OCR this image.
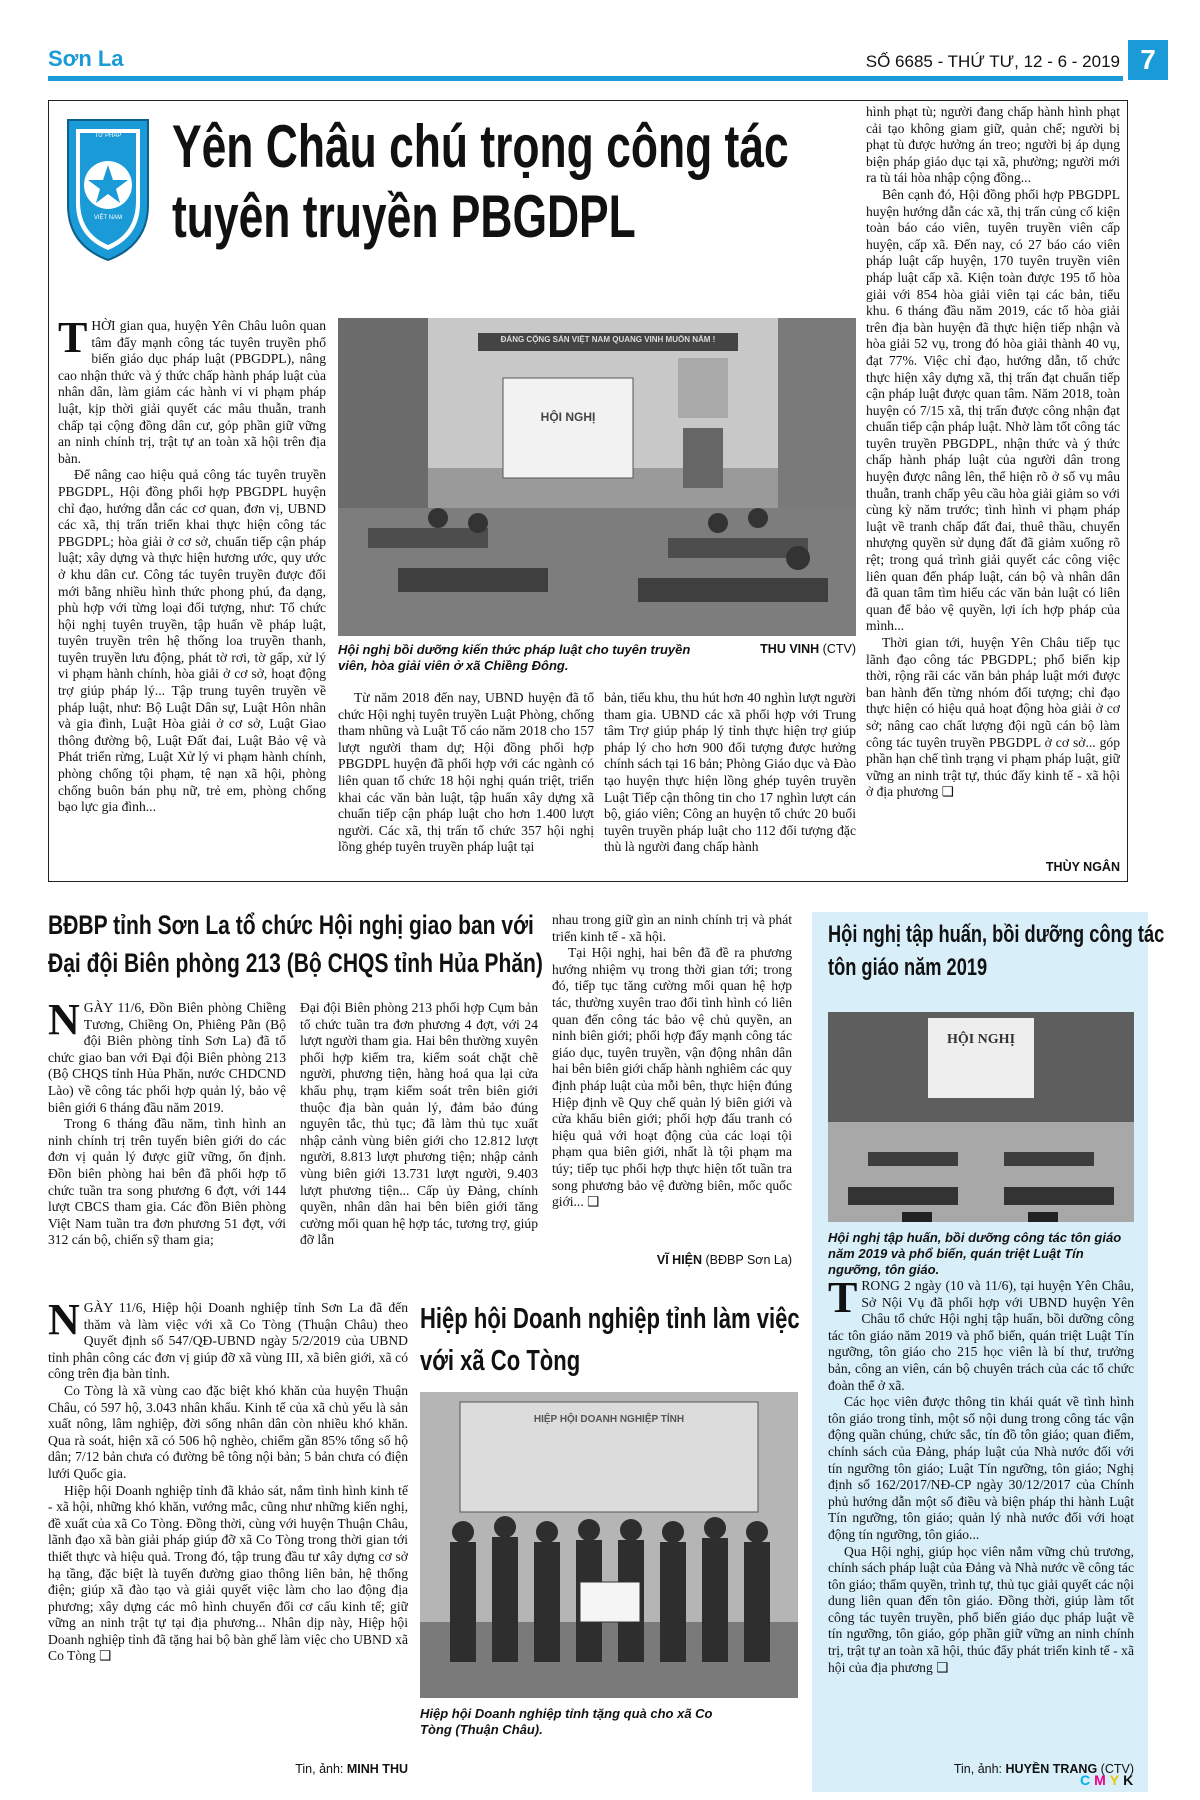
Sơn La	SỐ 6685 - THỨ TƯ, 12 - 6 - 2019 7
TƯ PHÁP
VIỆT NAM
Yên Châu chú trọng công tác
tuyên truyền PBGDPL

THỜI gian qua, huyện Yên Châu luôn quan tâm đẩy mạnh công tác tuyên truyền phổ biến giáo dục pháp luật (PBGDPL), nâng cao nhận thức và ý thức chấp hành pháp luật của nhân dân, làm giảm các hành vi vi phạm pháp luật, kịp thời giải quyết các mâu thuẫn, tranh chấp tại cộng đồng dân cư, góp phần giữ vững an ninh chính trị, trật tự an toàn xã hội trên địa bàn.

Để nâng cao hiệu quả công tác tuyên truyền PBGDPL, Hội đồng phối hợp PBGDPL huyện chỉ đạo, hướng dẫn các cơ quan, đơn vị, UBND các xã, thị trấn triển khai thực hiện công tác PBGDPL; hòa giải ở cơ sở, chuẩn tiếp cận pháp luật; xây dựng và thực hiện hương ước, quy ước ở khu dân cư. Công tác tuyên truyền được đổi mới bằng nhiều hình thức phong phú, đa dạng, phù hợp với từng loại đối tượng, như: Tổ chức hội nghị tuyên truyền, tập huấn về pháp luật, tuyên truyền trên hệ thống loa truyền thanh, tuyên truyền lưu động, phát tờ rơi, tờ gấp, xử lý vi phạm hành chính, hòa giải ở cơ sở, hoạt động trợ giúp pháp lý... Tập trung tuyên truyền về pháp luật, như: Bộ Luật Dân sự, Luật Hôn nhân và gia đình, Luật Hòa giải ở cơ sở, Luật Giao thông đường bộ, Luật Đất đai, Luật Bảo vệ và Phát triển rừng, Luật Xử lý vi phạm hành chính, phòng chống tội phạm, tệ nạn xã hội, phòng chống buôn bán phụ nữ, trẻ em, phòng chống bạo lực gia đình...

ĐẢNG CỘNG SẢN VIỆT NAM QUANG VINH MUÔN NĂM !
HỘI NGHỊ
Hội nghị bồi dưỡng kiến thức pháp luật cho tuyên truyền viên, hòa giải viên ở xã Chiềng Đông.
THU VINH (CTV)

Từ năm 2018 đến nay, UBND huyện đã tổ chức Hội nghị tuyên truyền Luật Phòng, chống tham nhũng và Luật Tố cáo năm 2018 cho 157 lượt người tham dự; Hội đồng phối hợp PBGDPL huyện đã phối hợp với các ngành có liên quan tổ chức 18 hội nghị quán triệt, triển khai các văn bản luật, tập huấn xây dựng xã chuẩn tiếp cận pháp luật cho hơn 1.400 lượt người. Các xã, thị trấn tổ chức 357 hội nghị lồng ghép tuyên truyền pháp luật tại

bản, tiểu khu, thu hút hơn 40 nghìn lượt người tham gia. UBND các xã phối hợp với Trung tâm Trợ giúp pháp lý tỉnh thực hiện trợ giúp pháp lý cho hơn 900 đối tượng được hưởng chính sách tại 16 bản; Phòng Giáo dục và Đào tạo huyện thực hiện lồng ghép tuyên truyền Luật Tiếp cận thông tin cho 17 nghìn lượt cán bộ, giáo viên; Công an huyện tổ chức 20 buổi tuyên truyền pháp luật cho 112 đối tượng đặc thù là người đang chấp hành

hình phạt tù; người đang chấp hành hình phạt cải tạo không giam giữ, quản chế; người bị phạt tù được hưởng án treo; người bị áp dụng biện pháp giáo dục tại xã, phường; người mới ra tù tái hòa nhập cộng đồng...

Bên cạnh đó, Hội đồng phối hợp PBGDPL huyện hướng dẫn các xã, thị trấn củng cố kiện toàn báo cáo viên, tuyên truyền viên cấp huyện, cấp xã. Đến nay, có 27 báo cáo viên pháp luật cấp huyện, 170 tuyên truyền viên pháp luật cấp xã. Kiện toàn được 195 tổ hòa giải với 854 hòa giải viên tại các bản, tiểu khu. 6 tháng đầu năm 2019, các tổ hòa giải trên địa bàn huyện đã thực hiện tiếp nhận và hòa giải 52 vụ, trong đó hòa giải thành 40 vụ, đạt 77%. Việc chỉ đạo, hướng dẫn, tổ chức thực hiện xây dựng xã, thị trấn đạt chuẩn tiếp cận pháp luật được quan tâm. Năm 2018, toàn huyện có 7/15 xã, thị trấn được công nhận đạt chuẩn tiếp cận pháp luật. Nhờ làm tốt công tác tuyên truyền PBGDPL, nhận thức và ý thức chấp hành pháp luật của người dân trong huyện được nâng lên, thể hiện rõ ở số vụ mâu thuẫn, tranh chấp yêu cầu hòa giải giảm so với cùng kỳ năm trước; tình hình vi phạm pháp luật về tranh chấp đất đai, thuê thầu, chuyển nhượng quyền sử dụng đất đã giảm xuống rõ rệt; trong quá trình giải quyết các công việc liên quan đến pháp luật, cán bộ và nhân dân đã quan tâm tìm hiểu các văn bản luật có liên quan để bảo vệ quyền, lợi ích hợp pháp của mình...

Thời gian tới, huyện Yên Châu tiếp tục lãnh đạo công tác PBGDPL; phổ biến kịp thời, rộng rãi các văn bản pháp luật mới được ban hành đến từng nhóm đối tượng; chỉ đạo thực hiện có hiệu quả hoạt động hòa giải ở cơ sở; nâng cao chất lượng đội ngũ cán bộ làm công tác tuyên truyền PBGDPL ở cơ sở... góp phần hạn chế tình trạng vi phạm pháp luật, giữ vững an ninh trật tự, thúc đẩy kinh tế - xã hội ở địa phương ❑

THÙY NGÂN
BĐBP tỉnh Sơn La tổ chức Hội nghị giao ban với
Đại đội Biên phòng 213 (Bộ CHQS tỉnh Hủa Phăn)

NGÀY 11/6, Đồn Biên phòng Chiềng Tương, Chiềng On, Phiêng Pằn (Bộ đội Biên phòng tỉnh Sơn La) đã tổ chức giao ban với Đại đội Biên phòng 213 (Bộ CHQS tỉnh Hủa Phăn, nước CHDCND Lào) về công tác phối hợp quản lý, bảo vệ biên giới 6 tháng đầu năm 2019.

Trong 6 tháng đầu năm, tình hình an ninh chính trị trên tuyến biên giới do các đơn vị quản lý được giữ vững, ổn định. Đồn biên phòng hai bên đã phối hợp tổ chức tuần tra song phương 6 đợt, với 144 lượt CBCS tham gia. Các đồn Biên phòng Việt Nam tuần tra đơn phương 51 đợt, với 312 cán bộ, chiến sỹ tham gia;

Đại đội Biên phòng 213 phối hợp Cụm bản tổ chức tuần tra đơn phương 4 đợt, với 24 lượt người tham gia. Hai bên thường xuyên phối hợp kiểm tra, kiểm soát chặt chẽ người, phương tiện, hàng hoá qua lại cửa khẩu phụ, trạm kiểm soát trên biên giới thuộc địa bàn quản lý, đảm bảo đúng nguyên tắc, thủ tục; đã làm thủ tục xuất nhập cảnh vùng biên giới cho 12.812 lượt người, 8.813 lượt phương tiện; nhập cảnh vùng biên giới 13.731 lượt người, 9.403 lượt phương tiện... Cấp ủy Đảng, chính quyền, nhân dân hai bên biên giới tăng cường mối quan hệ hợp tác, tương trợ, giúp đỡ lẫn

nhau trong giữ gìn an ninh chính trị và phát triển kinh tế - xã hội.

Tại Hội nghị, hai bên đã đề ra phương hướng nhiệm vụ trong thời gian tới; trong đó, tiếp tục tăng cường mối quan hệ hợp tác, thường xuyên trao đổi tình hình có liên quan đến công tác bảo vệ chủ quyền, an ninh biên giới; phối hợp đẩy mạnh công tác giáo dục, tuyên truyền, vận động nhân dân hai bên biên giới chấp hành nghiêm các quy định pháp luật của mỗi bên, thực hiện đúng Hiệp định về Quy chế quản lý biên giới và cửa khẩu biên giới; phối hợp đấu tranh có hiệu quả với hoạt động của các loại tội phạm qua biên giới, nhất là tội phạm ma túy; tiếp tục phối hợp thực hiện tốt tuần tra song phương bảo vệ đường biên, mốc quốc giới... ❑

VĨ HIỆN (BĐBP Sơn La)
Hội nghị tập huấn, bồi dưỡng công tác
tôn giáo năm 2019
HỘI NGHỊ
Hội nghị tập huấn, bồi dưỡng công tác tôn giáo năm 2019 và phổ biến, quán triệt Luật Tín ngưỡng, tôn giáo.

TRONG 2 ngày (10 và 11/6), tại huyện Yên Châu, Sở Nội Vụ đã phối hợp với UBND huyện Yên Châu tổ chức Hội nghị tập huấn, bồi dưỡng công tác tôn giáo năm 2019 và phổ biến, quán triệt Luật Tín ngưỡng, tôn giáo cho 215 học viên là bí thư, trưởng bản, công an viên, cán bộ chuyên trách của các tổ chức đoàn thể ở xã.

Các học viên được thông tin khái quát về tình hình tôn giáo trong tỉnh, một số nội dung trong công tác vận động quần chúng, chức sắc, tín đồ tôn giáo; quan điểm, chính sách của Đảng, pháp luật của Nhà nước đối với tín ngưỡng tôn giáo; Luật Tín ngưỡng, tôn giáo; Nghị định số 162/2017/NĐ-CP ngày 30/12/2017 của Chính phủ hướng dẫn một số điều và biện pháp thi hành Luật Tín ngưỡng, tôn giáo; quản lý nhà nước đối với hoạt động tín ngưỡng, tôn giáo...

Qua Hội nghị, giúp học viên nắm vững chủ trương, chính sách pháp luật của Đảng và Nhà nước về công tác tôn giáo; thẩm quyền, trình tự, thủ tục giải quyết các nội dung liên quan đến tôn giáo. Đồng thời, giúp làm tốt công tác tuyên truyền, phổ biến giáo dục pháp luật về tín ngưỡng, tôn giáo, góp phần giữ vững an ninh chính trị, trật tự an toàn xã hội, thúc đẩy phát triển kinh tế - xã hội của địa phương ❑

Tin, ảnh: HUYỀN TRANG (CTV)

NGÀY 11/6, Hiệp hội Doanh nghiệp tỉnh Sơn La đã đến thăm và làm việc với xã Co Tòng (Thuận Châu) theo Quyết định số 547/QĐ-UBND ngày 5/2/2019 của UBND tỉnh phân công các đơn vị giúp đỡ xã vùng III, xã biên giới, xã có công trên địa bàn tỉnh.

Co Tòng là xã vùng cao đặc biệt khó khăn của huyện Thuận Châu, có 597 hộ, 3.043 nhân khẩu. Kinh tế của xã chủ yếu là sản xuất nông, lâm nghiệp, đời sống nhân dân còn nhiều khó khăn. Qua rà soát, hiện xã có 506 hộ nghèo, chiếm gần 85% tổng số hộ dân; 7/12 bản chưa có đường bê tông nội bản; 5 bản chưa có điện lưới Quốc gia.

Hiệp hội Doanh nghiệp tỉnh đã khảo sát, nắm tình hình kinh tế - xã hội, những khó khăn, vướng mắc, cũng như những kiến nghị, đề xuất của xã Co Tòng. Đồng thời, cùng với huyện Thuận Châu, lãnh đạo xã bàn giải pháp giúp đỡ xã Co Tòng trong thời gian tới thiết thực và hiệu quả. Trong đó, tập trung đầu tư xây dựng cơ sở hạ tầng, đặc biệt là tuyến đường giao thông liên bản, hệ thống điện; giúp xã đào tạo và giải quyết việc làm cho lao động địa phương; xây dựng các mô hình chuyển đổi cơ cấu kinh tế; giữ vững an ninh trật tự tại địa phương... Nhân dịp này, Hiệp hội Doanh nghiệp tỉnh đã tặng hai bộ bàn ghế làm việc cho UBND xã Co Tòng ❑

Tin, ảnh: MINH THU
Hiệp hội Doanh nghiệp tỉnh làm việc
với xã Co Tòng
HIỆP HỘI DOANH NGHIỆP TỈNH
Hiệp hội Doanh nghiệp tỉnh tặng quà cho xã Co Tòng (Thuận Châu).
CMYK
